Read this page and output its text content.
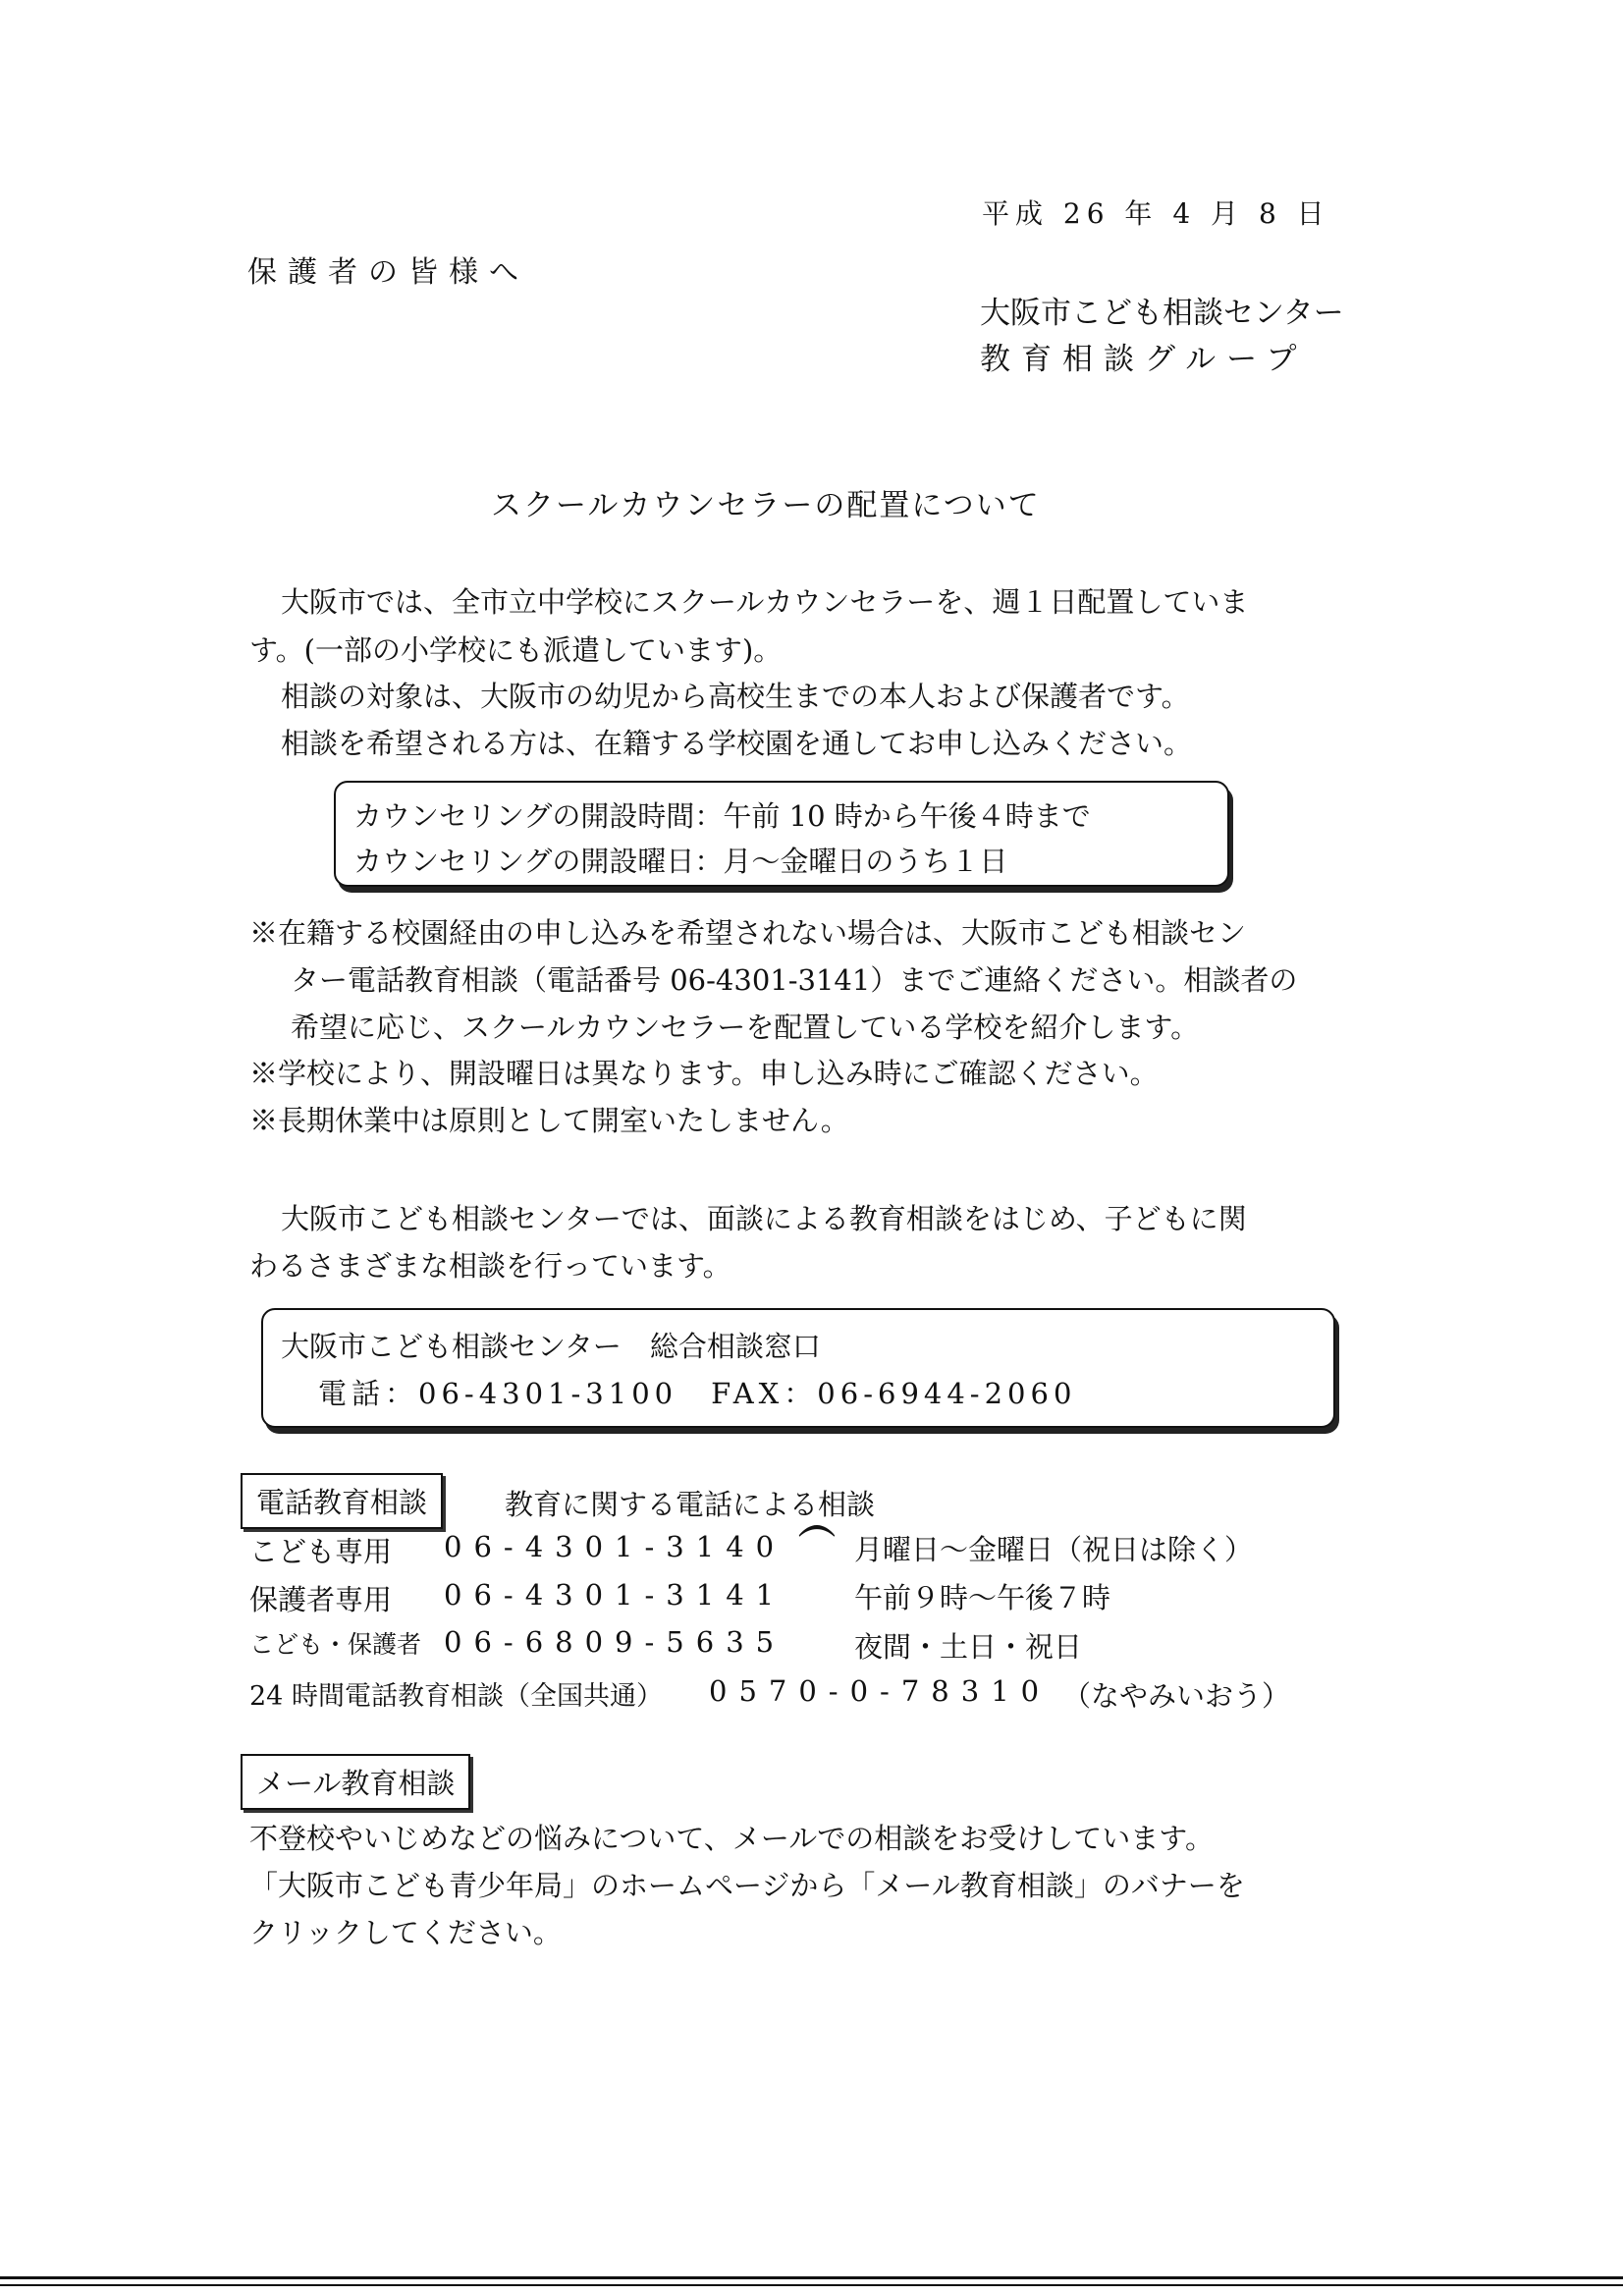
平成 26 年 4 月 8 日
保護者の皆様へ
大阪市こども相談センター
教育相談グループ
スクールカウンセラーの配置について
大阪市では、全市立中学校にスクールカウンセラーを、週１日配置していま
す。(一部の小学校にも派遣しています)。
相談の対象は、大阪市の幼児から高校生までの本人および保護者です。
相談を希望される方は、在籍する学校園を通してお申し込みください。
カウンセリングの開設時間：午前 10 時から午後４時まで
カウンセリングの開設曜日：月～金曜日のうち１日
※在籍する校園経由の申し込みを希望されない場合は、大阪市こども相談セン
ター電話教育相談（電話番号 06-4301-3141）までご連絡ください。相談者の
希望に応じ、スクールカウンセラーを配置している学校を紹介します。
※学校により、開設曜日は異なります。申し込み時にご確認ください。
※長期休業中は原則として開室いたしません。
大阪市こども相談センターでは、面談による教育相談をはじめ、子どもに関
わるさまざまな相談を行っています。
大阪市こども相談センター　総合相談窓口
電話：06-4301-3100　FAX：06-6944-2060
電話教育相談	教育に関する電話による相談
こども専用 06-4301-3140 月曜日～金曜日（祝日は除く）
保護者専用 06-4301-3141 午前９時～午後７時
⌒
こども・保護者 06-6809-5635 夜間・土日・祝日
24 時間電話教育相談（全国共通） 0570-0-78310 （なやみいおう）
メール教育相談
不登校やいじめなどの悩みについて、メールでの相談をお受けしています。
「大阪市こども青少年局」のホームページから「メール教育相談」のバナーを
クリックしてください。
